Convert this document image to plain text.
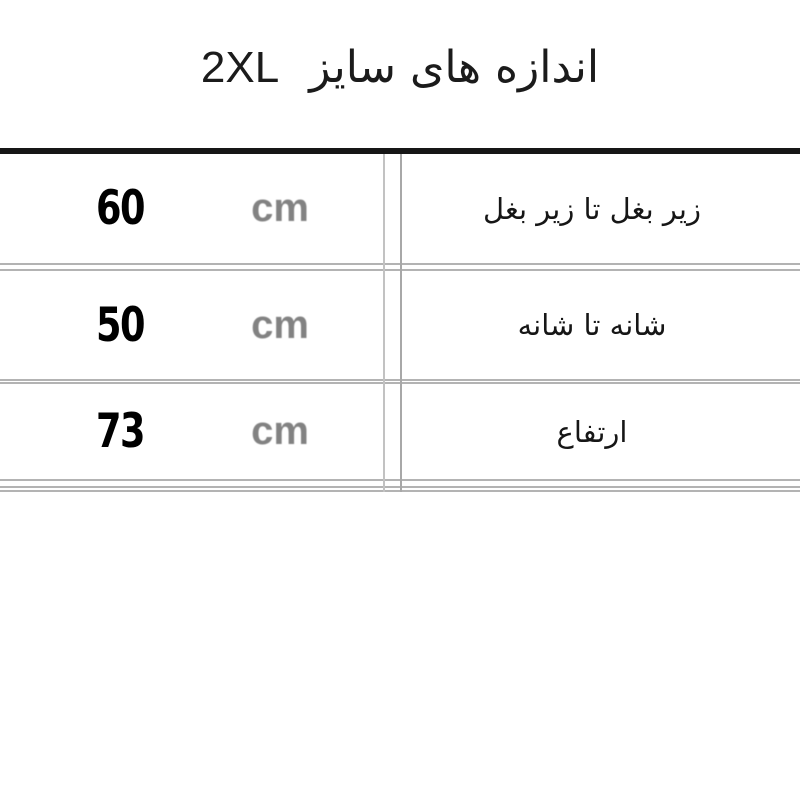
اندازه های سایز
2XL
60	cm	زیر بغل تا زیر بغل
50	cm	شانه تا شانه
73	cm	ارتفاع
